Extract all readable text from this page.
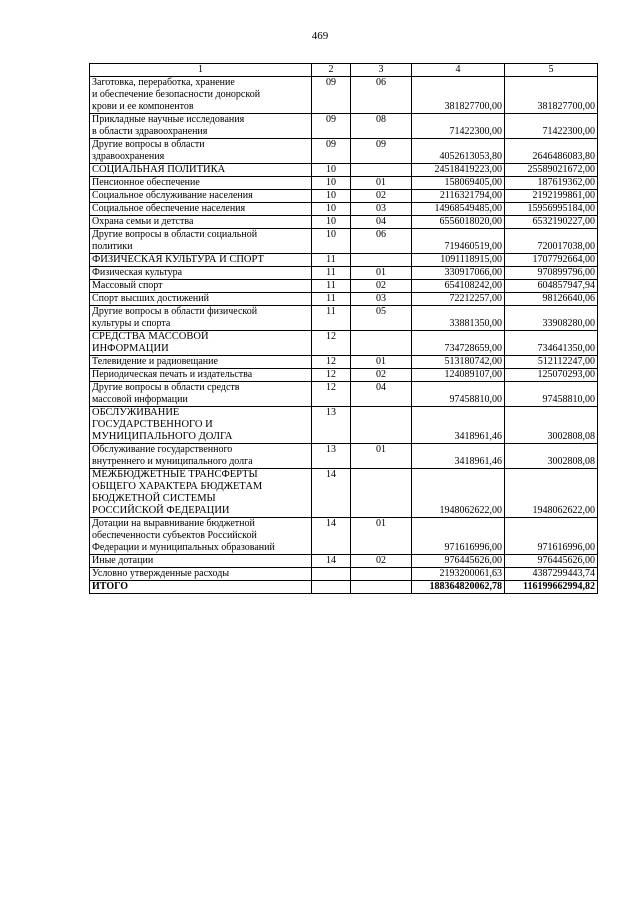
469
1	2	3	4	5
Заготовка, переработка, хранение
и обеспечение безопасности донорской
крови и ее компонентов	09	06	381827700,00	381827700,00
Прикладные научные исследования
в области здравоохранения	09	08	71422300,00	71422300,00
Другие вопросы в области
здравоохранения	09	09	4052613053,80	2646486083,80
СОЦИАЛЬНАЯ ПОЛИТИКА	10		24518419223,00	25589021672,00
Пенсионное обеспечение	10	01	158069405,00	187619362,00
Социальное обслуживание населения	10	02	2116321794,00	2192199861,00
Социальное обеспечение населения	10	03	14968549485,00	15956995184,00
Охрана семьи и детства	10	04	6556018020,00	6532190227,00
Другие вопросы в области социальной
политики	10	06	719460519,00	720017038,00
ФИЗИЧЕСКАЯ КУЛЬТУРА И СПОРТ	11		1091118915,00	1707792664,00
Физическая культура	11	01	330917066,00	970899796,00
Массовый спорт	11	02	654108242,00	604857947,94
Спорт высших достижений	11	03	72212257,00	98126640,06
Другие вопросы в области физической
культуры и спорта	11	05	33881350,00	33908280,00
СРЕДСТВА МАССОВОЙ
ИНФОРМАЦИИ	12		734728659,00	734641350,00
Телевидение и радиовещание	12	01	513180742,00	512112247,00
Периодическая печать и издательства	12	02	124089107,00	125070293,00
Другие вопросы в области средств
массовой информации	12	04	97458810,00	97458810,00
ОБСЛУЖИВАНИЕ
ГОСУДАРСТВЕННОГО И
МУНИЦИПАЛЬНОГО ДОЛГА	13		3418961,46	3002808,08
Обслуживание государственного
внутреннего и муниципального долга	13	01	3418961,46	3002808,08
МЕЖБЮДЖЕТНЫЕ ТРАНСФЕРТЫ
ОБЩЕГО ХАРАКТЕРА БЮДЖЕТАМ
БЮДЖЕТНОЙ СИСТЕМЫ
РОССИЙСКОЙ ФЕДЕРАЦИИ	14		1948062622,00	1948062622,00
Дотации на выравнивание бюджетной
обеспеченности субъектов Российской
Федерации и муниципальных образований	14	01	971616996,00	971616996,00
Иные дотации	14	02	976445626,00	976445626,00
Условно утвержденные расходы			2193200061,63	4387299443,74
ИТОГО			188364820062,78	116199662994,82
